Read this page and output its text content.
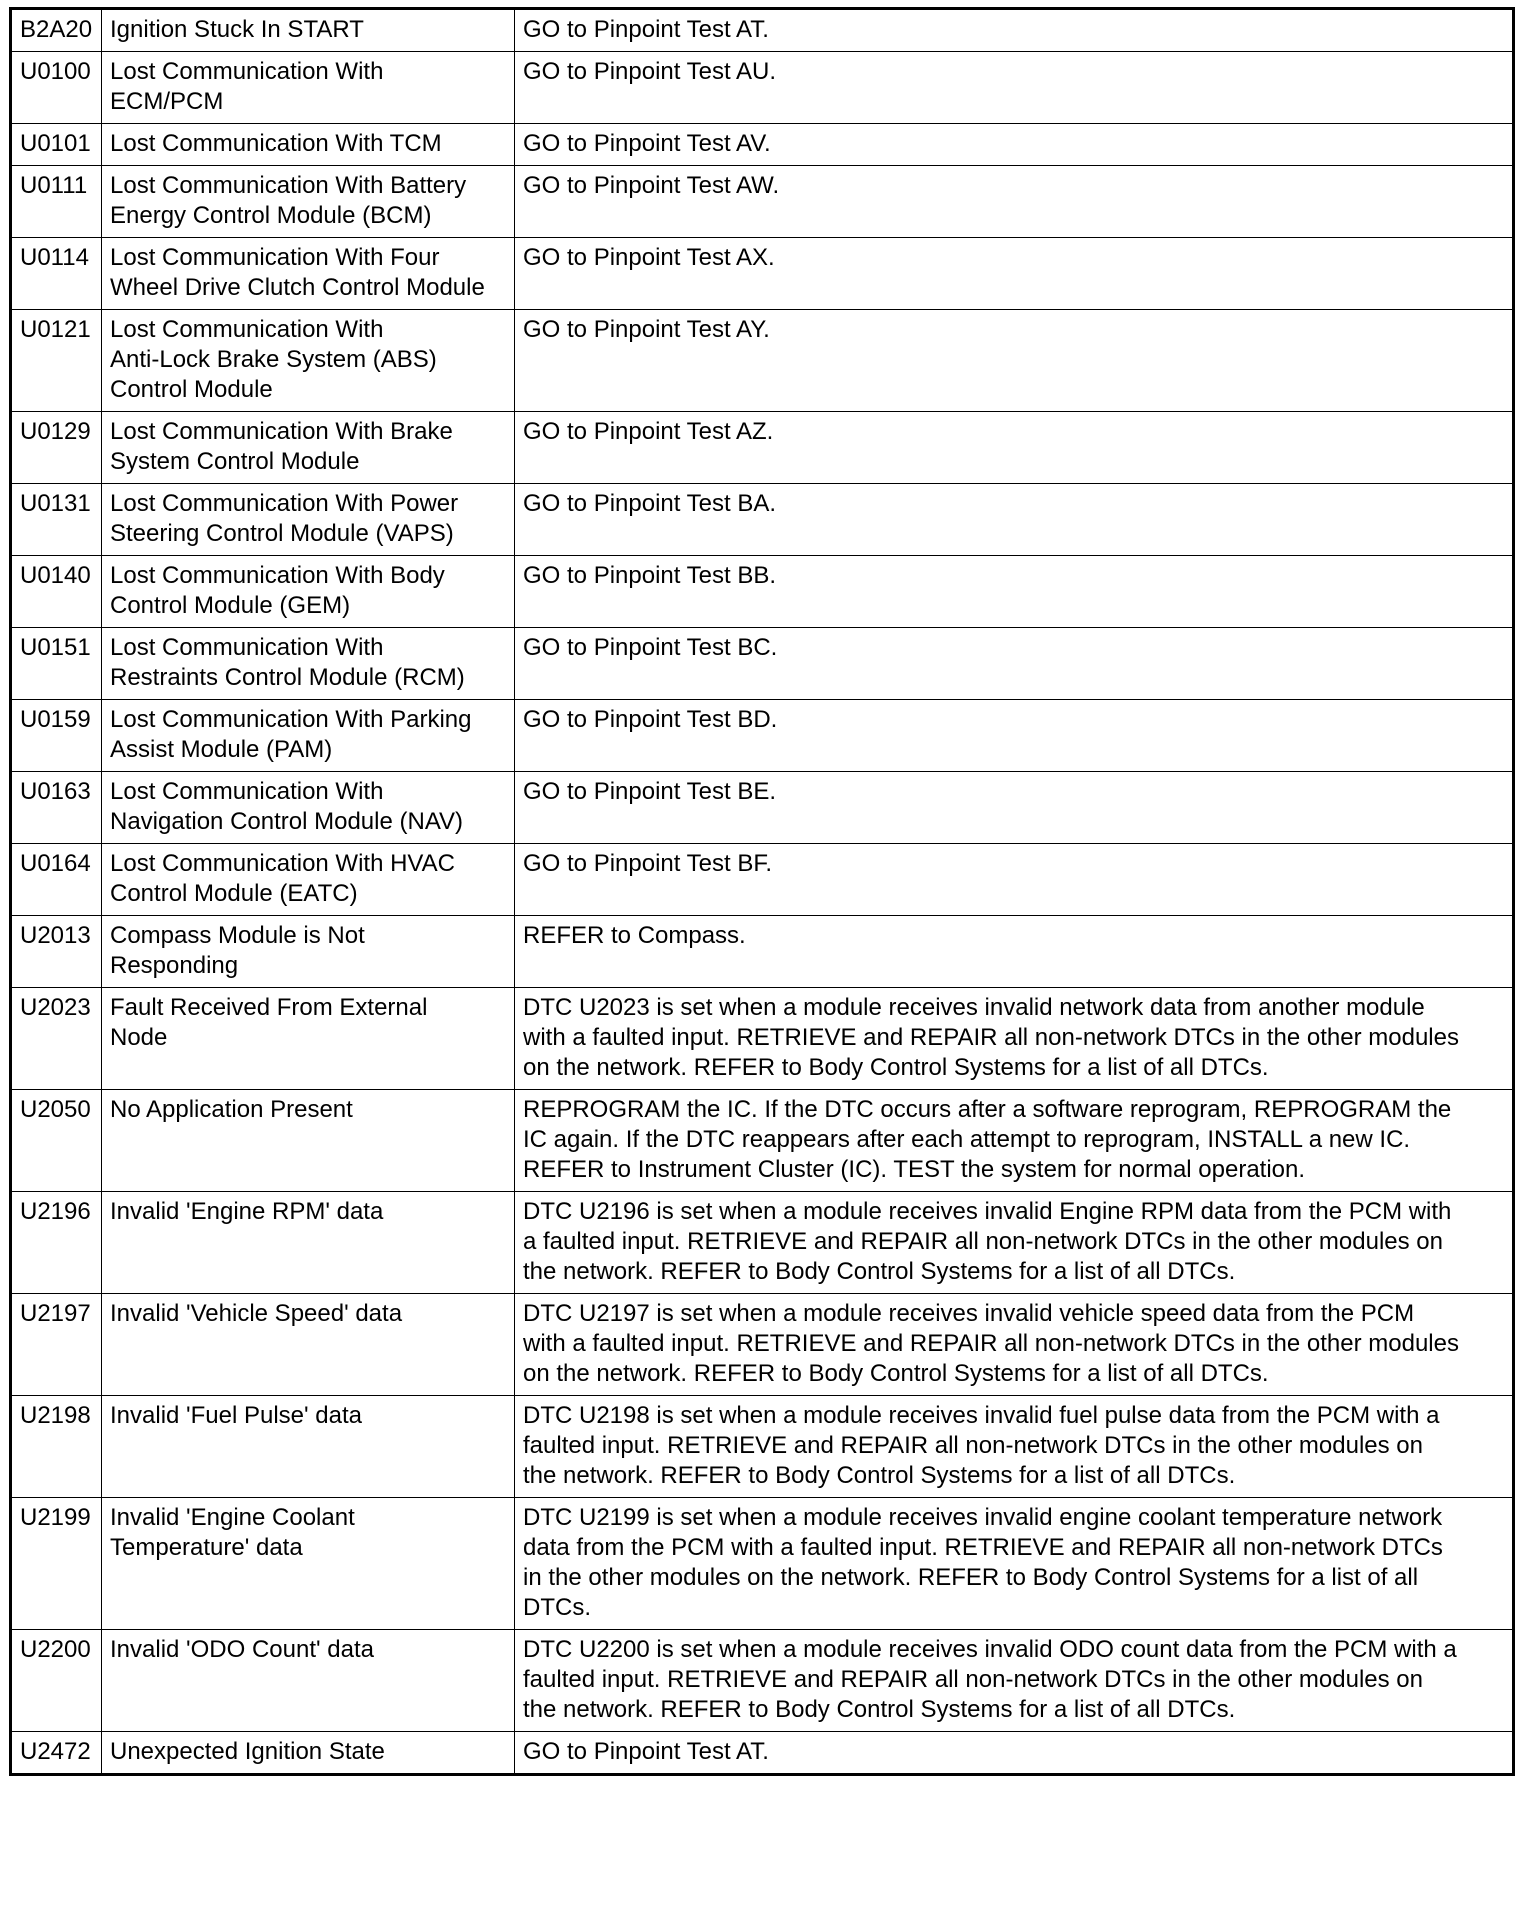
B2A20	Ignition Stuck In START	GO to Pinpoint Test AT.
U0100	Lost Communication With
ECM/PCM	GO to Pinpoint Test AU.
U0101	Lost Communication With TCM	GO to Pinpoint Test AV.
U0111	Lost Communication With Battery
Energy Control Module (BCM)	GO to Pinpoint Test AW.
U0114	Lost Communication With Four
Wheel Drive Clutch Control Module	GO to Pinpoint Test AX.
U0121	Lost Communication With
Anti-Lock Brake System (ABS)
Control Module	GO to Pinpoint Test AY.
U0129	Lost Communication With Brake
System Control Module	GO to Pinpoint Test AZ.
U0131	Lost Communication With Power
Steering Control Module (VAPS)	GO to Pinpoint Test BA.
U0140	Lost Communication With Body
Control Module (GEM)	GO to Pinpoint Test BB.
U0151	Lost Communication With
Restraints Control Module (RCM)	GO to Pinpoint Test BC.
U0159	Lost Communication With Parking
Assist Module (PAM)	GO to Pinpoint Test BD.
U0163	Lost Communication With
Navigation Control Module (NAV)	GO to Pinpoint Test BE.
U0164	Lost Communication With HVAC
Control Module (EATC)	GO to Pinpoint Test BF.
U2013	Compass Module is Not
Responding	REFER to Compass.
U2023	Fault Received From External
Node	DTC U2023 is set when a module receives invalid network data from another module
with a faulted input. RETRIEVE and REPAIR all non-network DTCs in the other modules
on the network. REFER to Body Control Systems for a list of all DTCs.
U2050	No Application Present	REPROGRAM the IC. If the DTC occurs after a software reprogram, REPROGRAM the
IC again. If the DTC reappears after each attempt to reprogram, INSTALL a new IC.
REFER to Instrument Cluster (IC). TEST the system for normal operation.
U2196	Invalid 'Engine RPM' data	DTC U2196 is set when a module receives invalid Engine RPM data from the PCM with
a faulted input. RETRIEVE and REPAIR all non-network DTCs in the other modules on
the network. REFER to Body Control Systems for a list of all DTCs.
U2197	Invalid 'Vehicle Speed' data	DTC U2197 is set when a module receives invalid vehicle speed data from the PCM
with a faulted input. RETRIEVE and REPAIR all non-network DTCs in the other modules
on the network. REFER to Body Control Systems for a list of all DTCs.
U2198	Invalid 'Fuel Pulse' data	DTC U2198 is set when a module receives invalid fuel pulse data from the PCM with a
faulted input. RETRIEVE and REPAIR all non-network DTCs in the other modules on
the network. REFER to Body Control Systems for a list of all DTCs.
U2199	Invalid 'Engine Coolant
Temperature' data	DTC U2199 is set when a module receives invalid engine coolant temperature network
data from the PCM with a faulted input. RETRIEVE and REPAIR all non-network DTCs
in the other modules on the network. REFER to Body Control Systems for a list of all
DTCs.
U2200	Invalid 'ODO Count' data	DTC U2200 is set when a module receives invalid ODO count data from the PCM with a
faulted input. RETRIEVE and REPAIR all non-network DTCs in the other modules on
the network. REFER to Body Control Systems for a list of all DTCs.
U2472	Unexpected Ignition State	GO to Pinpoint Test AT.
